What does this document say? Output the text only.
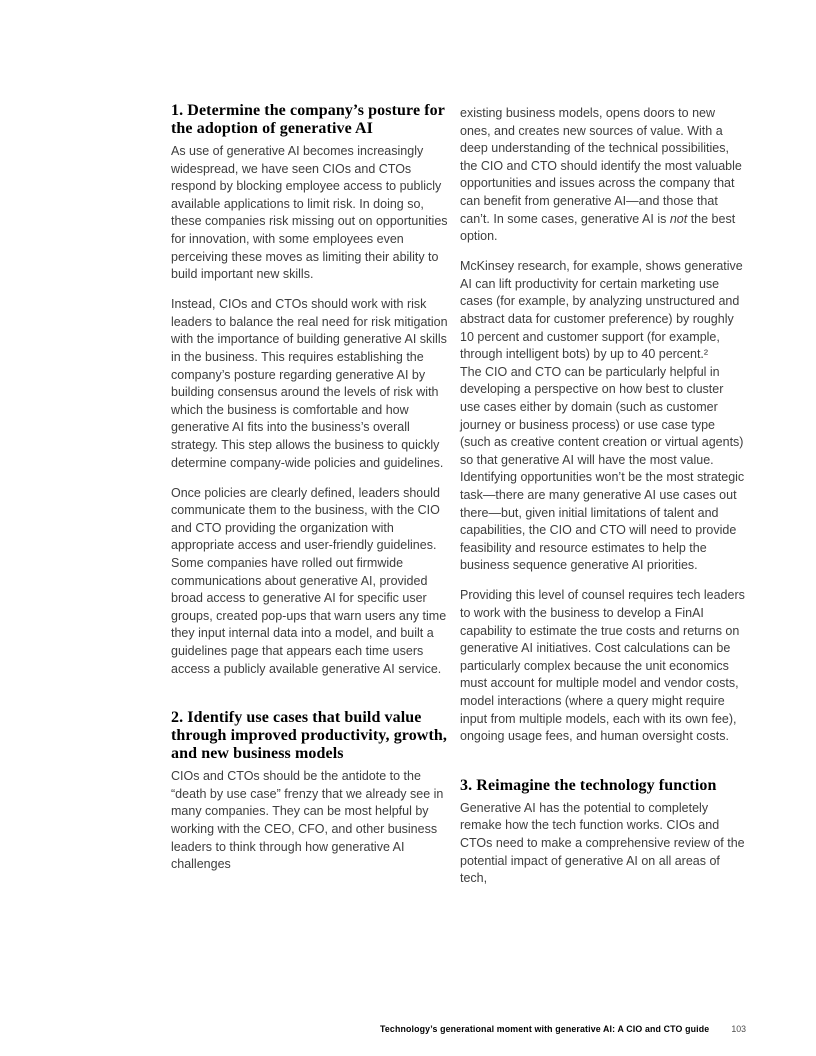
1. Determine the company’s posture for the adoption of generative AI

As use of generative AI becomes increasingly widespread, we have seen CIOs and CTOs respond by blocking employee access to publicly available applications to limit risk. In doing so, these companies risk missing out on opportunities for innovation, with some employees even perceiving these moves as limiting their ability to build important new skills.

Instead, CIOs and CTOs should work with risk leaders to balance the real need for risk mitigation with the importance of building generative AI skills in the business. This requires establishing the company’s posture regarding generative AI by building consensus around the levels of risk with which the business is comfortable and how generative AI fits into the business’s overall strategy. This step allows the business to quickly determine company-wide policies and guidelines.

Once policies are clearly defined, leaders should communicate them to the business, with the CIO and CTO providing the organization with appropriate access and user-friendly guidelines. Some companies have rolled out firmwide communications about generative AI, provided broad access to generative AI for specific user groups, created pop-ups that warn users any time they input internal data into a model, and built a guidelines page that appears each time users access a publicly available generative AI service.

2. Identify use cases that build value through improved productivity, growth, and new business models

CIOs and CTOs should be the antidote to the “death by use case” frenzy that we already see in many companies. They can be most helpful by working with the CEO, CFO, and other business leaders to think through how generative AI challenges

existing business models, opens doors to new ones, and creates new sources of value. With a deep understanding of the technical possibilities, the CIO and CTO should identify the most valuable opportunities and issues across the company that can benefit from generative AI—and those that can’t. In some cases, generative AI is not the best option.

McKinsey research, for example, shows generative AI can lift productivity for certain marketing use cases (for example, by analyzing unstructured and abstract data for customer preference) by roughly 10 percent and customer support (for example, through intelligent bots) by up to 40 percent.²
The CIO and CTO can be particularly helpful in developing a perspective on how best to cluster use cases either by domain (such as customer journey or business process) or use case type (such as creative content creation or virtual agents) so that generative AI will have the most value. Identifying opportunities won’t be the most strategic task—there are many generative AI use cases out there—but, given initial limitations of talent and capabilities, the CIO and CTO will need to provide feasibility and resource estimates to help the business sequence generative AI priorities.

Providing this level of counsel requires tech leaders to work with the business to develop a FinAI capability to estimate the true costs and returns on generative AI initiatives. Cost calculations can be particularly complex because the unit economics must account for multiple model and vendor costs, model interactions (where a query might require input from multiple models, each with its own fee), ongoing usage fees, and human oversight costs.

3. Reimagine the technology function

Generative AI has the potential to completely remake how the tech function works. CIOs and CTOs need to make a comprehensive review of the potential impact of generative AI on all areas of tech,

Technology’s generational moment with generative AI: A CIO and CTO guide	103
